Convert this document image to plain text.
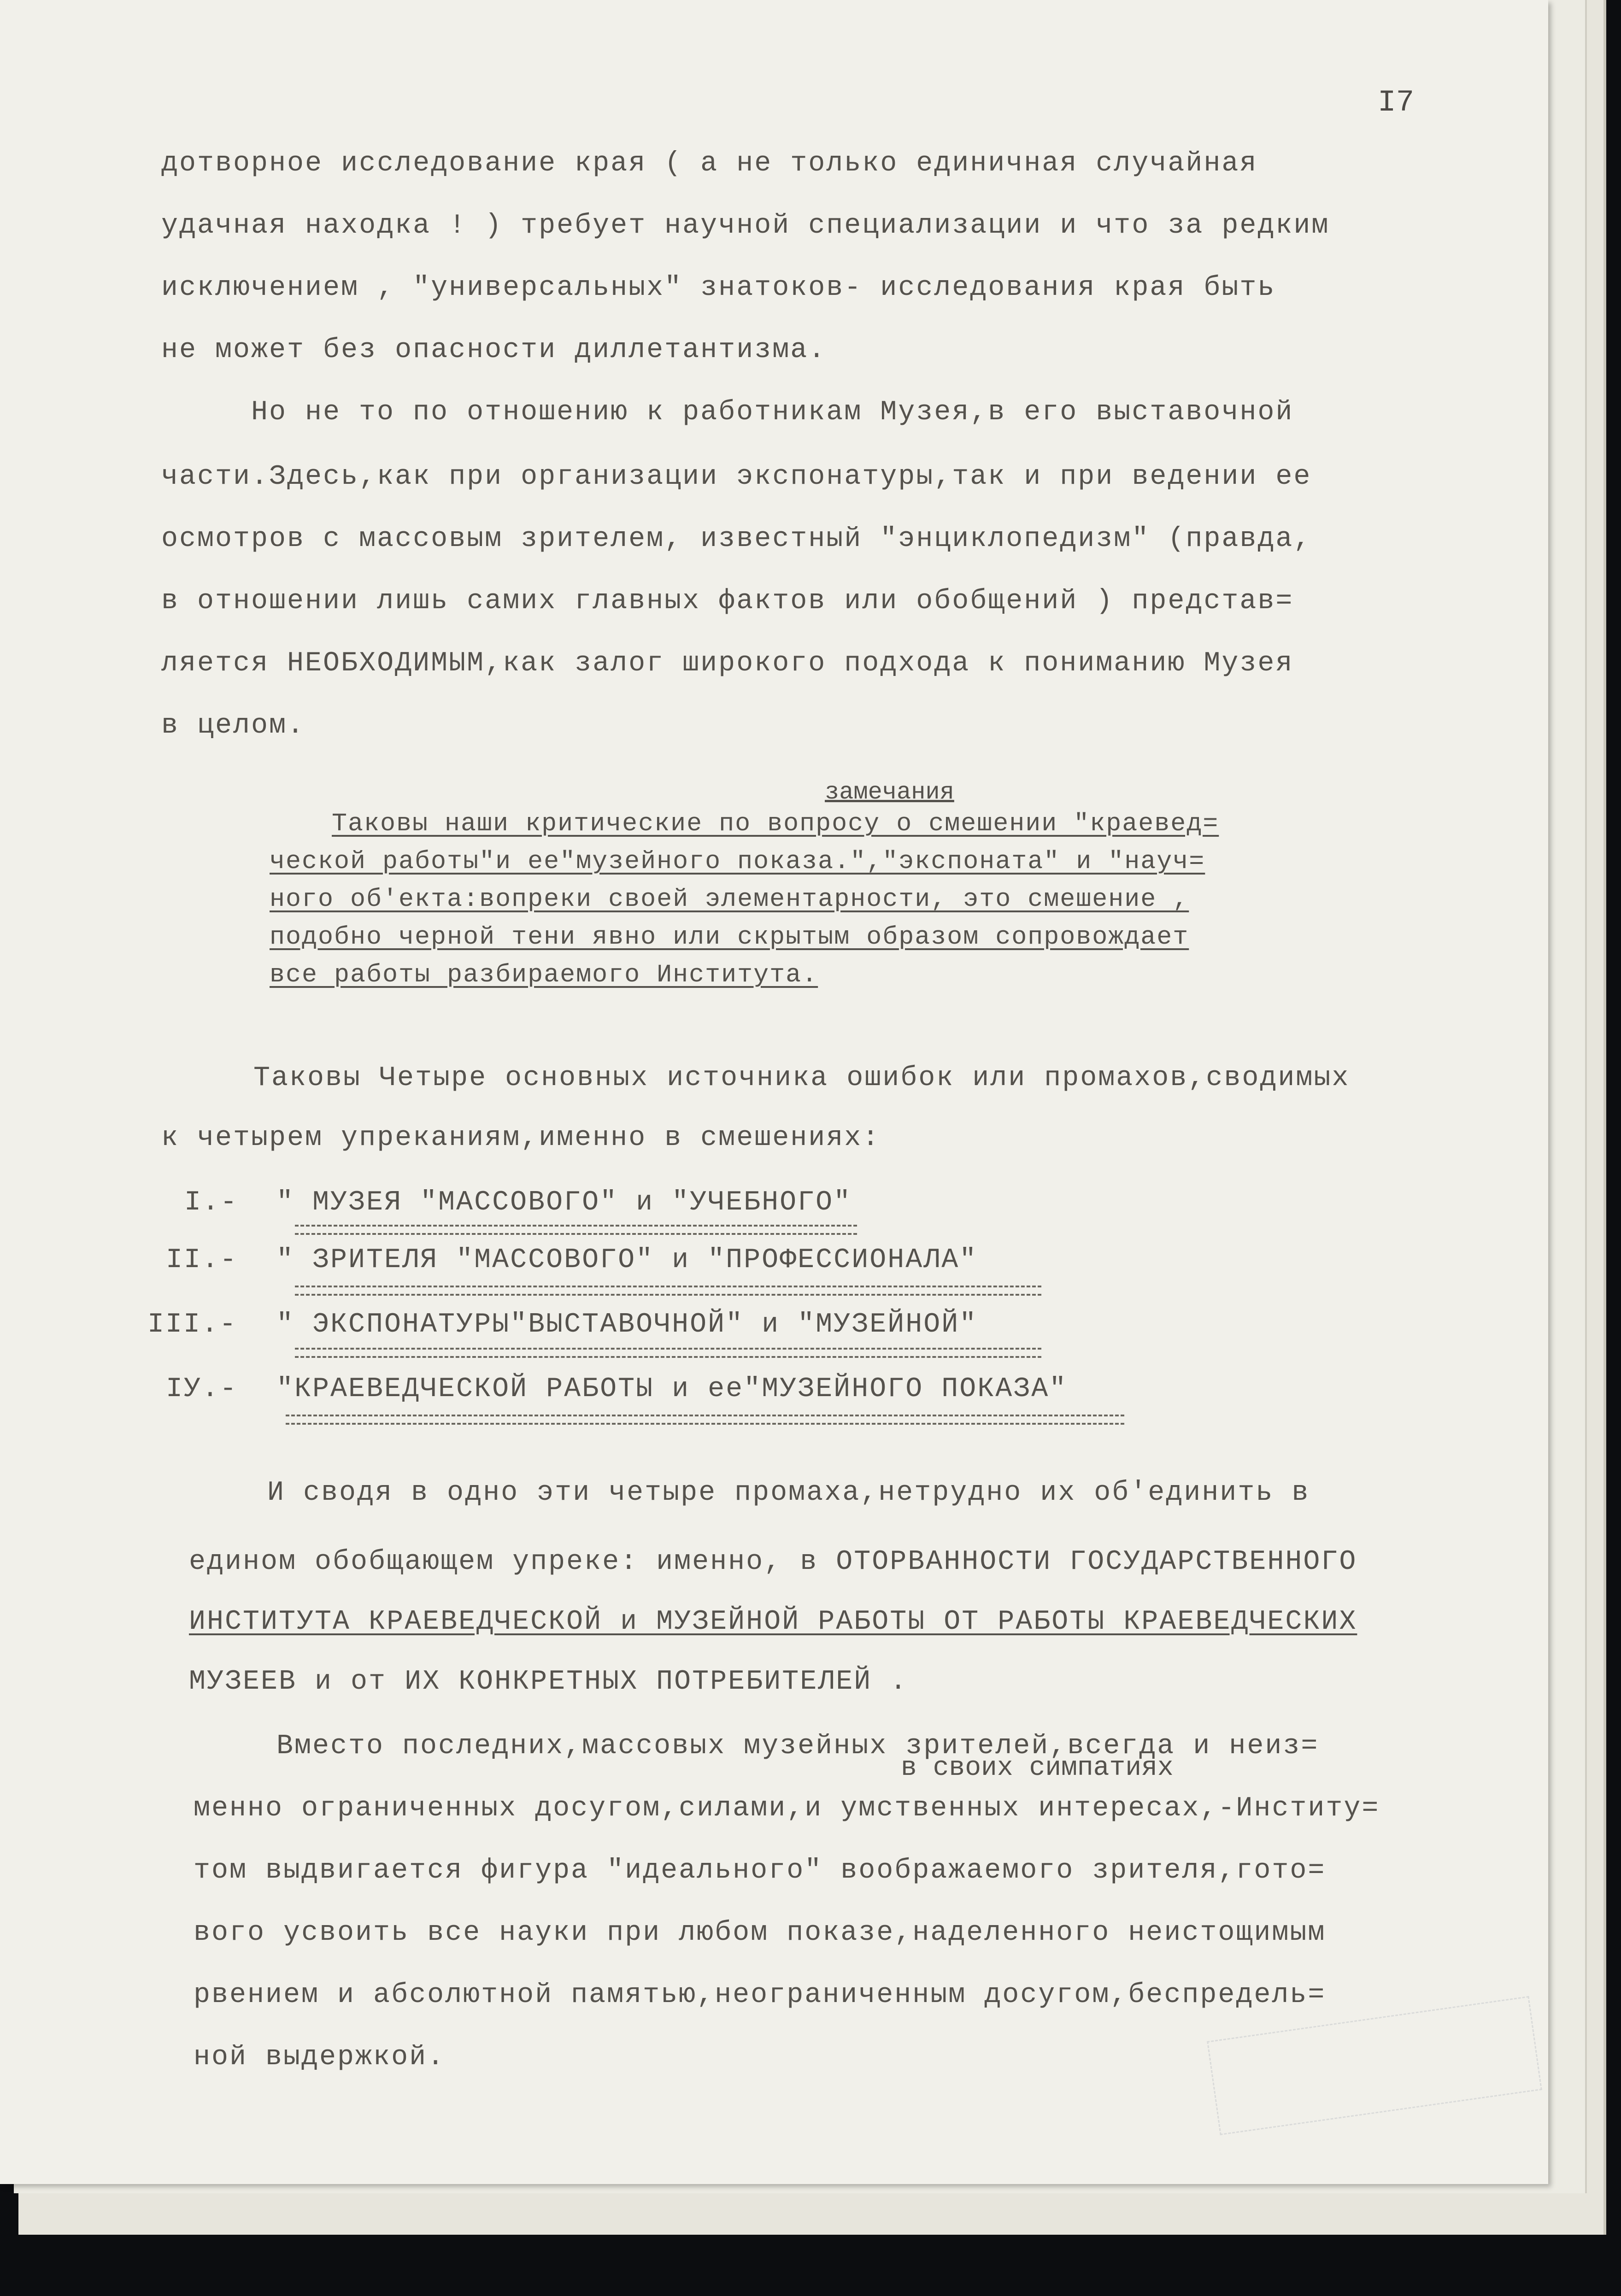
I7
дотворное исследование края ( а не только единичная случайная
удачная находка ! ) требует научной специализации и что за редким
исключением , "универсальных" знатоков- исследования края быть
не может без опасности диллетантизма.
Но не то по отношению к работникам Музея,в его выставочной
части.Здесь,как при организации экспонатуры,так и при ведении ее
осмотров с массовым зрителем, известный "энциклопедизм" (правда,
в отношении лишь самих главных фактов или обобщений ) представ=
ляется НЕОБХОДИМЫМ,как залог широкого подхода к пониманию Музея
в целом.
замечания
Таковы наши критические по вопросу о смешении "краевед=
ческой работы"и ее"музейного показа.","экспоната" и "науч=
ного об'екта:вопреки своей элементарности, это смешение ,
подобно черной тени явно или скрытым образом сопровождает
все работы разбираемого Института.
Таковы Четыре основных источника ошибок или промахов,сводимых
к четырем упреканиям,именно в смешениях:
I.- " МУЗЕЯ "МАССОВОГО" и "УЧЕБНОГО"
II.- " ЗРИТЕЛЯ "МАССОВОГО" и "ПРОФЕССИОНАЛА"
III.- " ЭКСПОНАТУРЫ"ВЫСТАВОЧНОЙ" и "МУЗЕЙНОЙ"
IУ.- "КРАЕВЕДЧЕСКОЙ РАБОТЫ и ее"МУЗЕЙНОГО ПОКАЗА"
И сводя в одно эти четыре промаха,нетрудно их об'единить в
едином обобщающем упреке: именно, в ОТОРВАННОСТИ ГОСУДАРСТВЕННОГО
ИНСТИТУТА КРАЕВЕДЧЕСКОЙ и МУЗЕЙНОЙ РАБОТЫ ОТ РАБОТЫ КРАЕВЕДЧЕСКИХ
МУЗЕЕВ и от ИХ КОНКРЕТНЫХ ПОТРЕБИТЕЛЕЙ .
в своих симпатиях
Вместо последних,массовых музейных зрителей,всегда и неиз=
менно ограниченных досугом,силами,и умственных интересах,-Институ=
том выдвигается фигура "идеального" воображаемого зрителя,гото=
вого усвоить все науки при любом показе,наделенного неистощимым
рвением и абсолютной памятью,неограниченным досугом,беспредель=
ной выдержкой.
